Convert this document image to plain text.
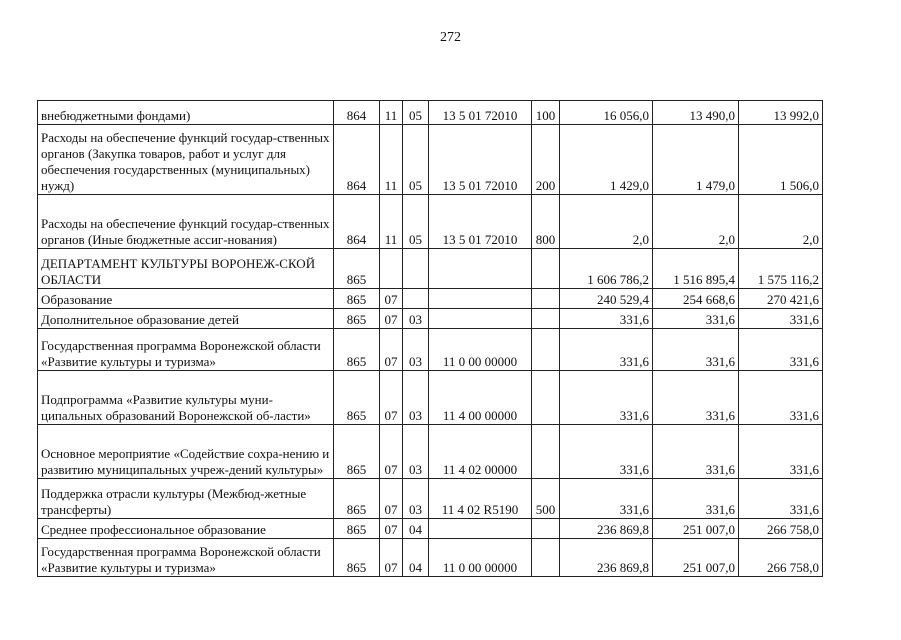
272
внебюджетными фондами)	864	11	05	13 5 01 72010	100	16 056,0	13 490,0	13 992,0
Расходы на обеспечение функций государ-ственных органов (Закупка товаров, работ и услуг для обеспечения государственных (муниципальных) нужд)	864	11	05	13 5 01 72010	200	1 429,0	1 479,0	1 506,0
Расходы на обеспечение функций государ-ственных органов (Иные бюджетные ассиг-нования)	864	11	05	13 5 01 72010	800	2,0	2,0	2,0
ДЕПАРТАМЕНТ КУЛЬТУРЫ ВОРОНЕЖ-СКОЙ ОБЛАСТИ	865					1 606 786,2	1 516 895,4	1 575 116,2
Образование	865	07				240 529,4	254 668,6	270 421,6
Дополнительное образование детей	865	07	03			331,6	331,6	331,6
Государственная программа Воронежской области «Развитие культуры и туризма»	865	07	03	11 0 00 00000		331,6	331,6	331,6
Подпрограмма «Развитие культуры муни-ципальных образований Воронежской об-ласти»	865	07	03	11 4 00 00000		331,6	331,6	331,6
Основное мероприятие «Содействие сохра-нению и развитию муниципальных учреж-дений культуры»	865	07	03	11 4 02 00000		331,6	331,6	331,6
Поддержка отрасли культуры (Межбюд-жетные трансферты)	865	07	03	11 4 02 R5190	500	331,6	331,6	331,6
Среднее профессиональное образование	865	07	04			236 869,8	251 007,0	266 758,0
Государственная программа Воронежской области «Развитие культуры и туризма»	865	07	04	11 0 00 00000		236 869,8	251 007,0	266 758,0
